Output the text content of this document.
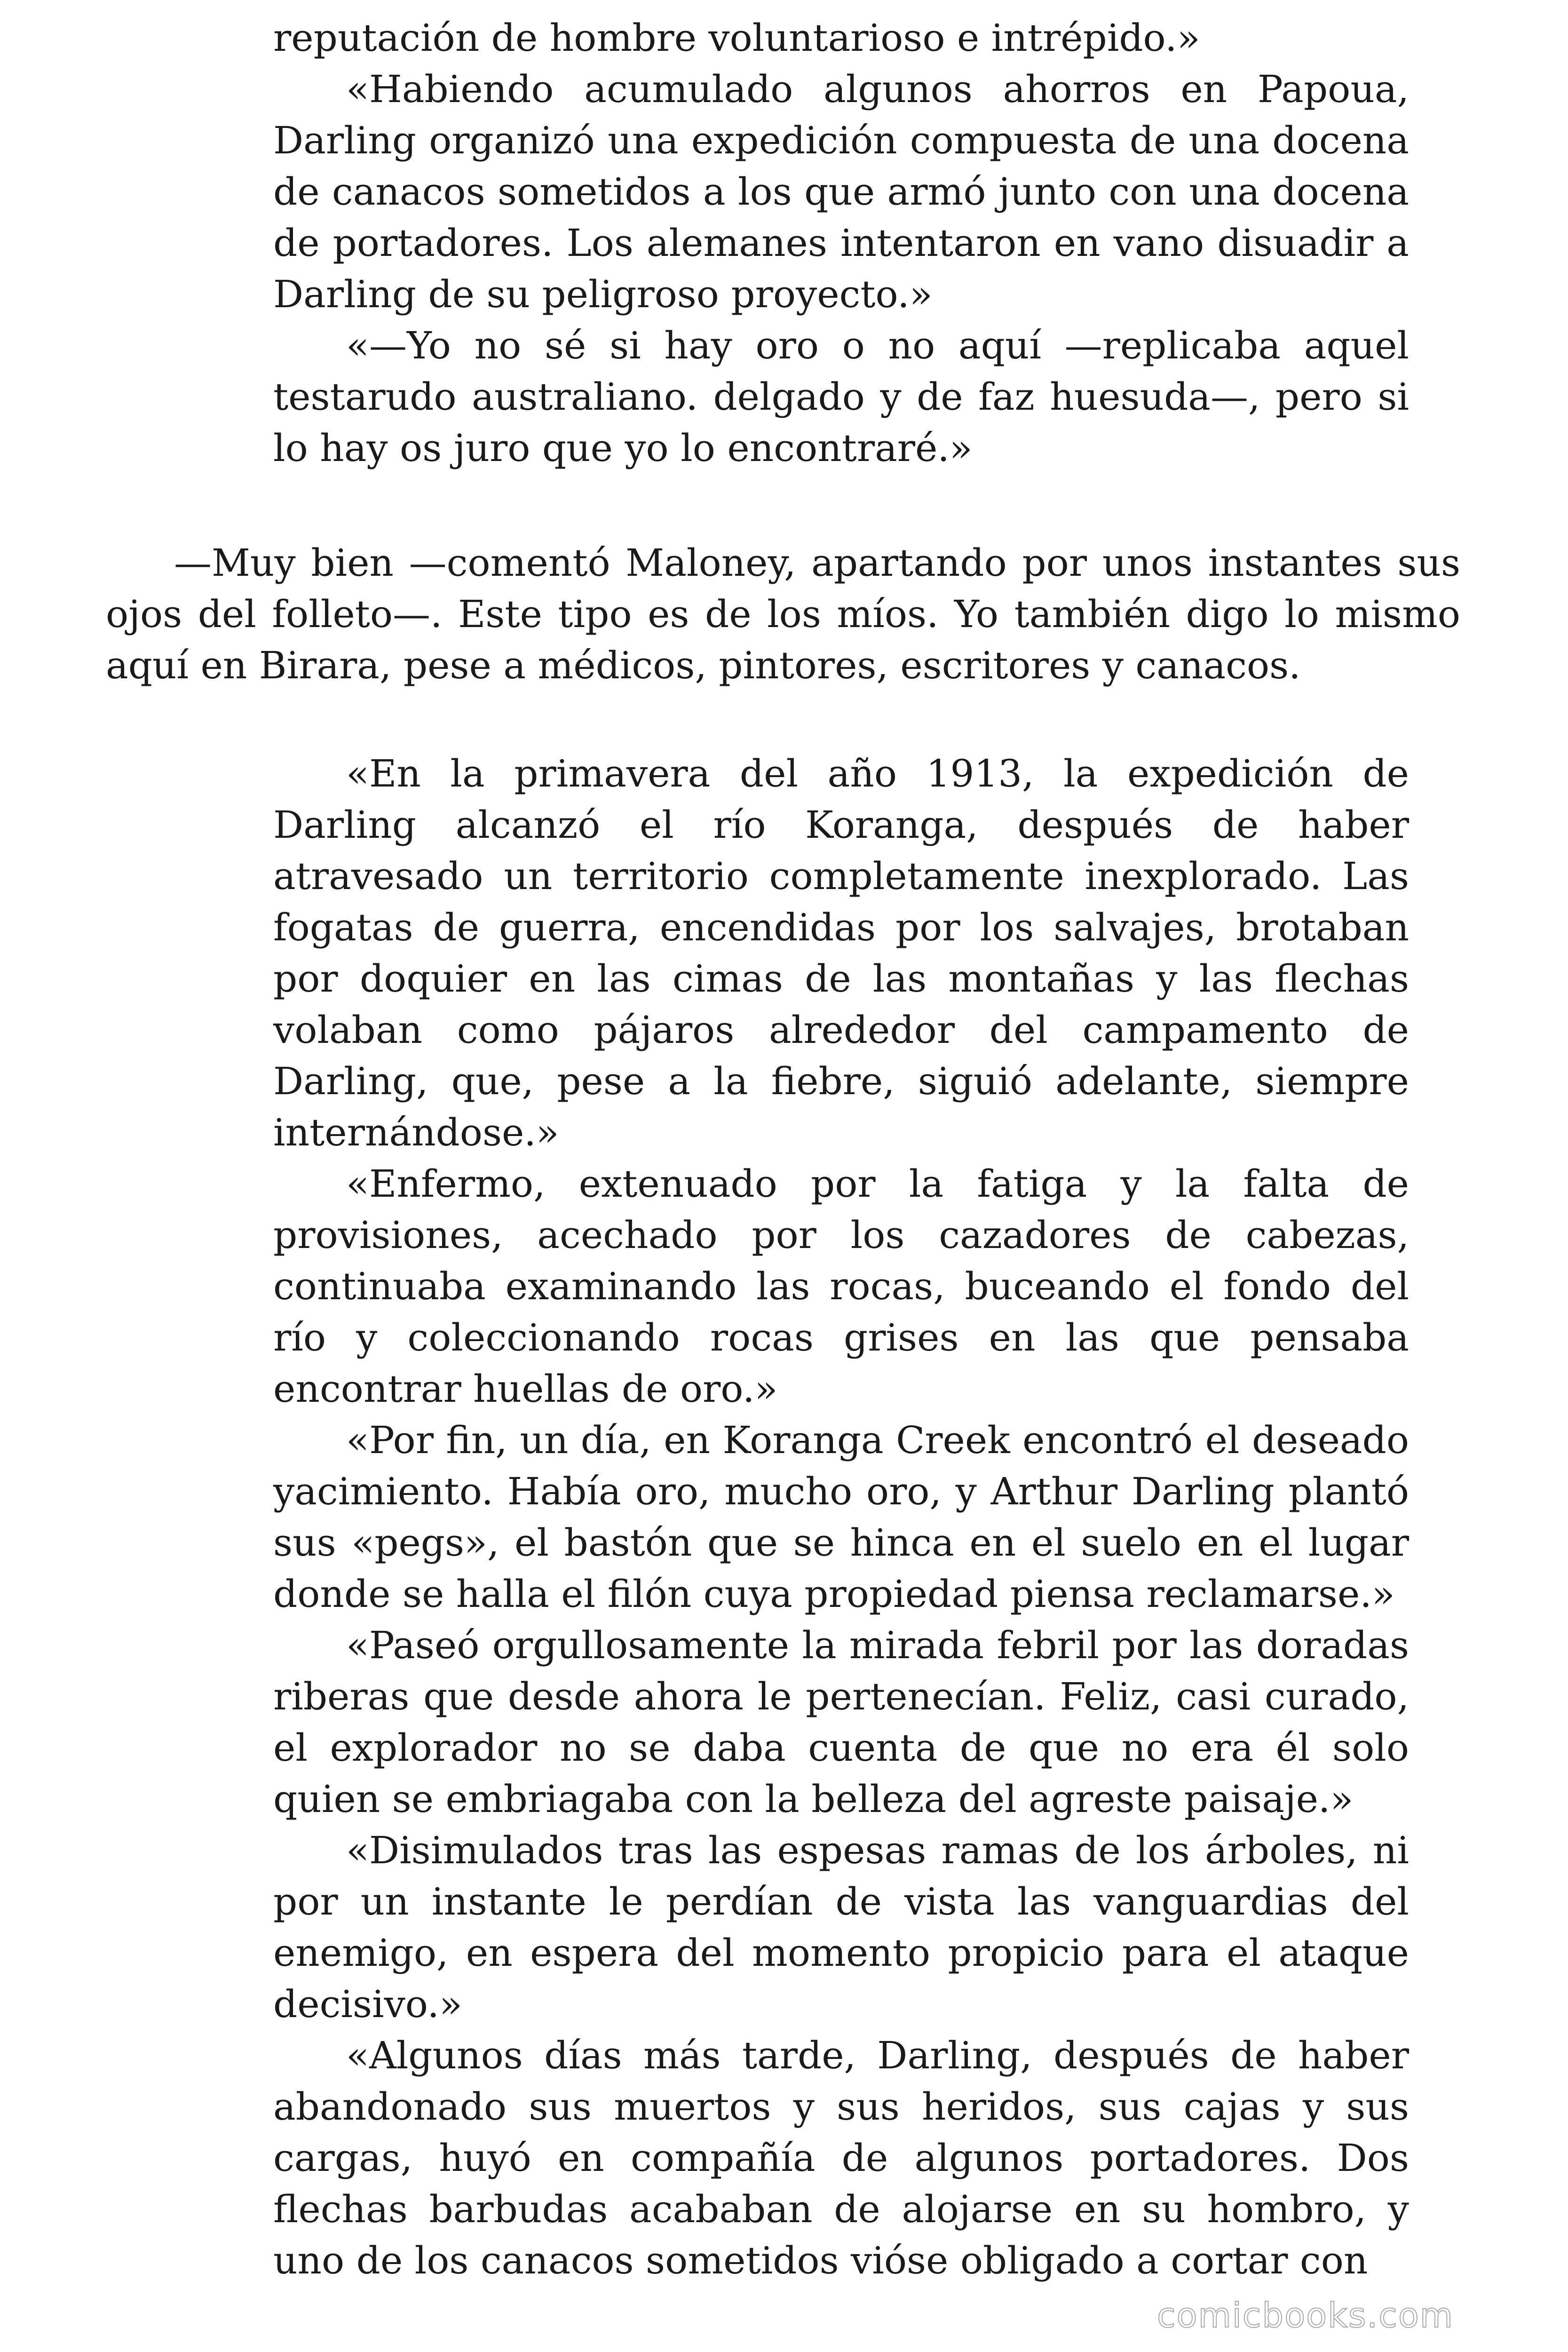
reputación de hombre voluntarioso e intrépido.»

«Habiendo acumulado algunos ahorros en Papoua, Darling organizó una expedición compuesta de una docena de canacos sometidos a los que armó junto con una docena de portadores. Los alemanes intentaron en vano disuadir a Darling de su peligroso proyecto.»

«—Yo no sé si hay oro o no aquí —replicaba aquel testarudo australiano. delgado y de faz huesuda—, pero si lo hay os juro que yo lo encontraré.»

—Muy bien —comentó Maloney, apartando por unos instantes sus ojos del folleto—. Este tipo es de los míos. Yo también digo lo mismo aquí en Birara, pese a médicos, pintores, escritores y canacos.

«En la primavera del año 1913, la expedición de Darling alcanzó el río Koranga, después de haber atravesado un territorio completamente inexplorado. Las fogatas de guerra, encendidas por los salvajes, brotaban por doquier en las cimas de las montañas y las flechas volaban como pájaros alrededor del campamento de Darling, que, pese a la fiebre, siguió adelante, siempre internándose.»

«Enfermo, extenuado por la fatiga y la falta de provisiones, acechado por los cazadores de cabezas, continuaba examinando las rocas, buceando el fondo del río y coleccionando rocas grises en las que pensaba encontrar huellas de oro.»

«Por fin, un día, en Koranga Creek encontró el deseado yacimiento. Había oro, mucho oro, y Arthur Darling plantó sus «pegs», el bastón que se hinca en el suelo en el lugar donde se halla el filón cuya propiedad piensa reclamarse.»

«Paseó orgullosamente la mirada febril por las doradas riberas que desde ahora le pertenecían. Feliz, casi curado, el explorador no se daba cuenta de que no era él solo quien se embriagaba con la belleza del agreste paisaje.»

«Disimulados tras las espesas ramas de los árboles, ni por un instante le perdían de vista las vanguardias del enemigo, en espera del momento propicio para el ataque decisivo.»

«Algunos días más tarde, Darling, después de haber abandonado sus muertos y sus heridos, sus cajas y sus cargas, huyó en compañía de algunos portadores. Dos flechas barbudas acababan de alojarse en su hombro, y uno de los canacos sometidos vióse obligado a cortar con

comicbooks.com
